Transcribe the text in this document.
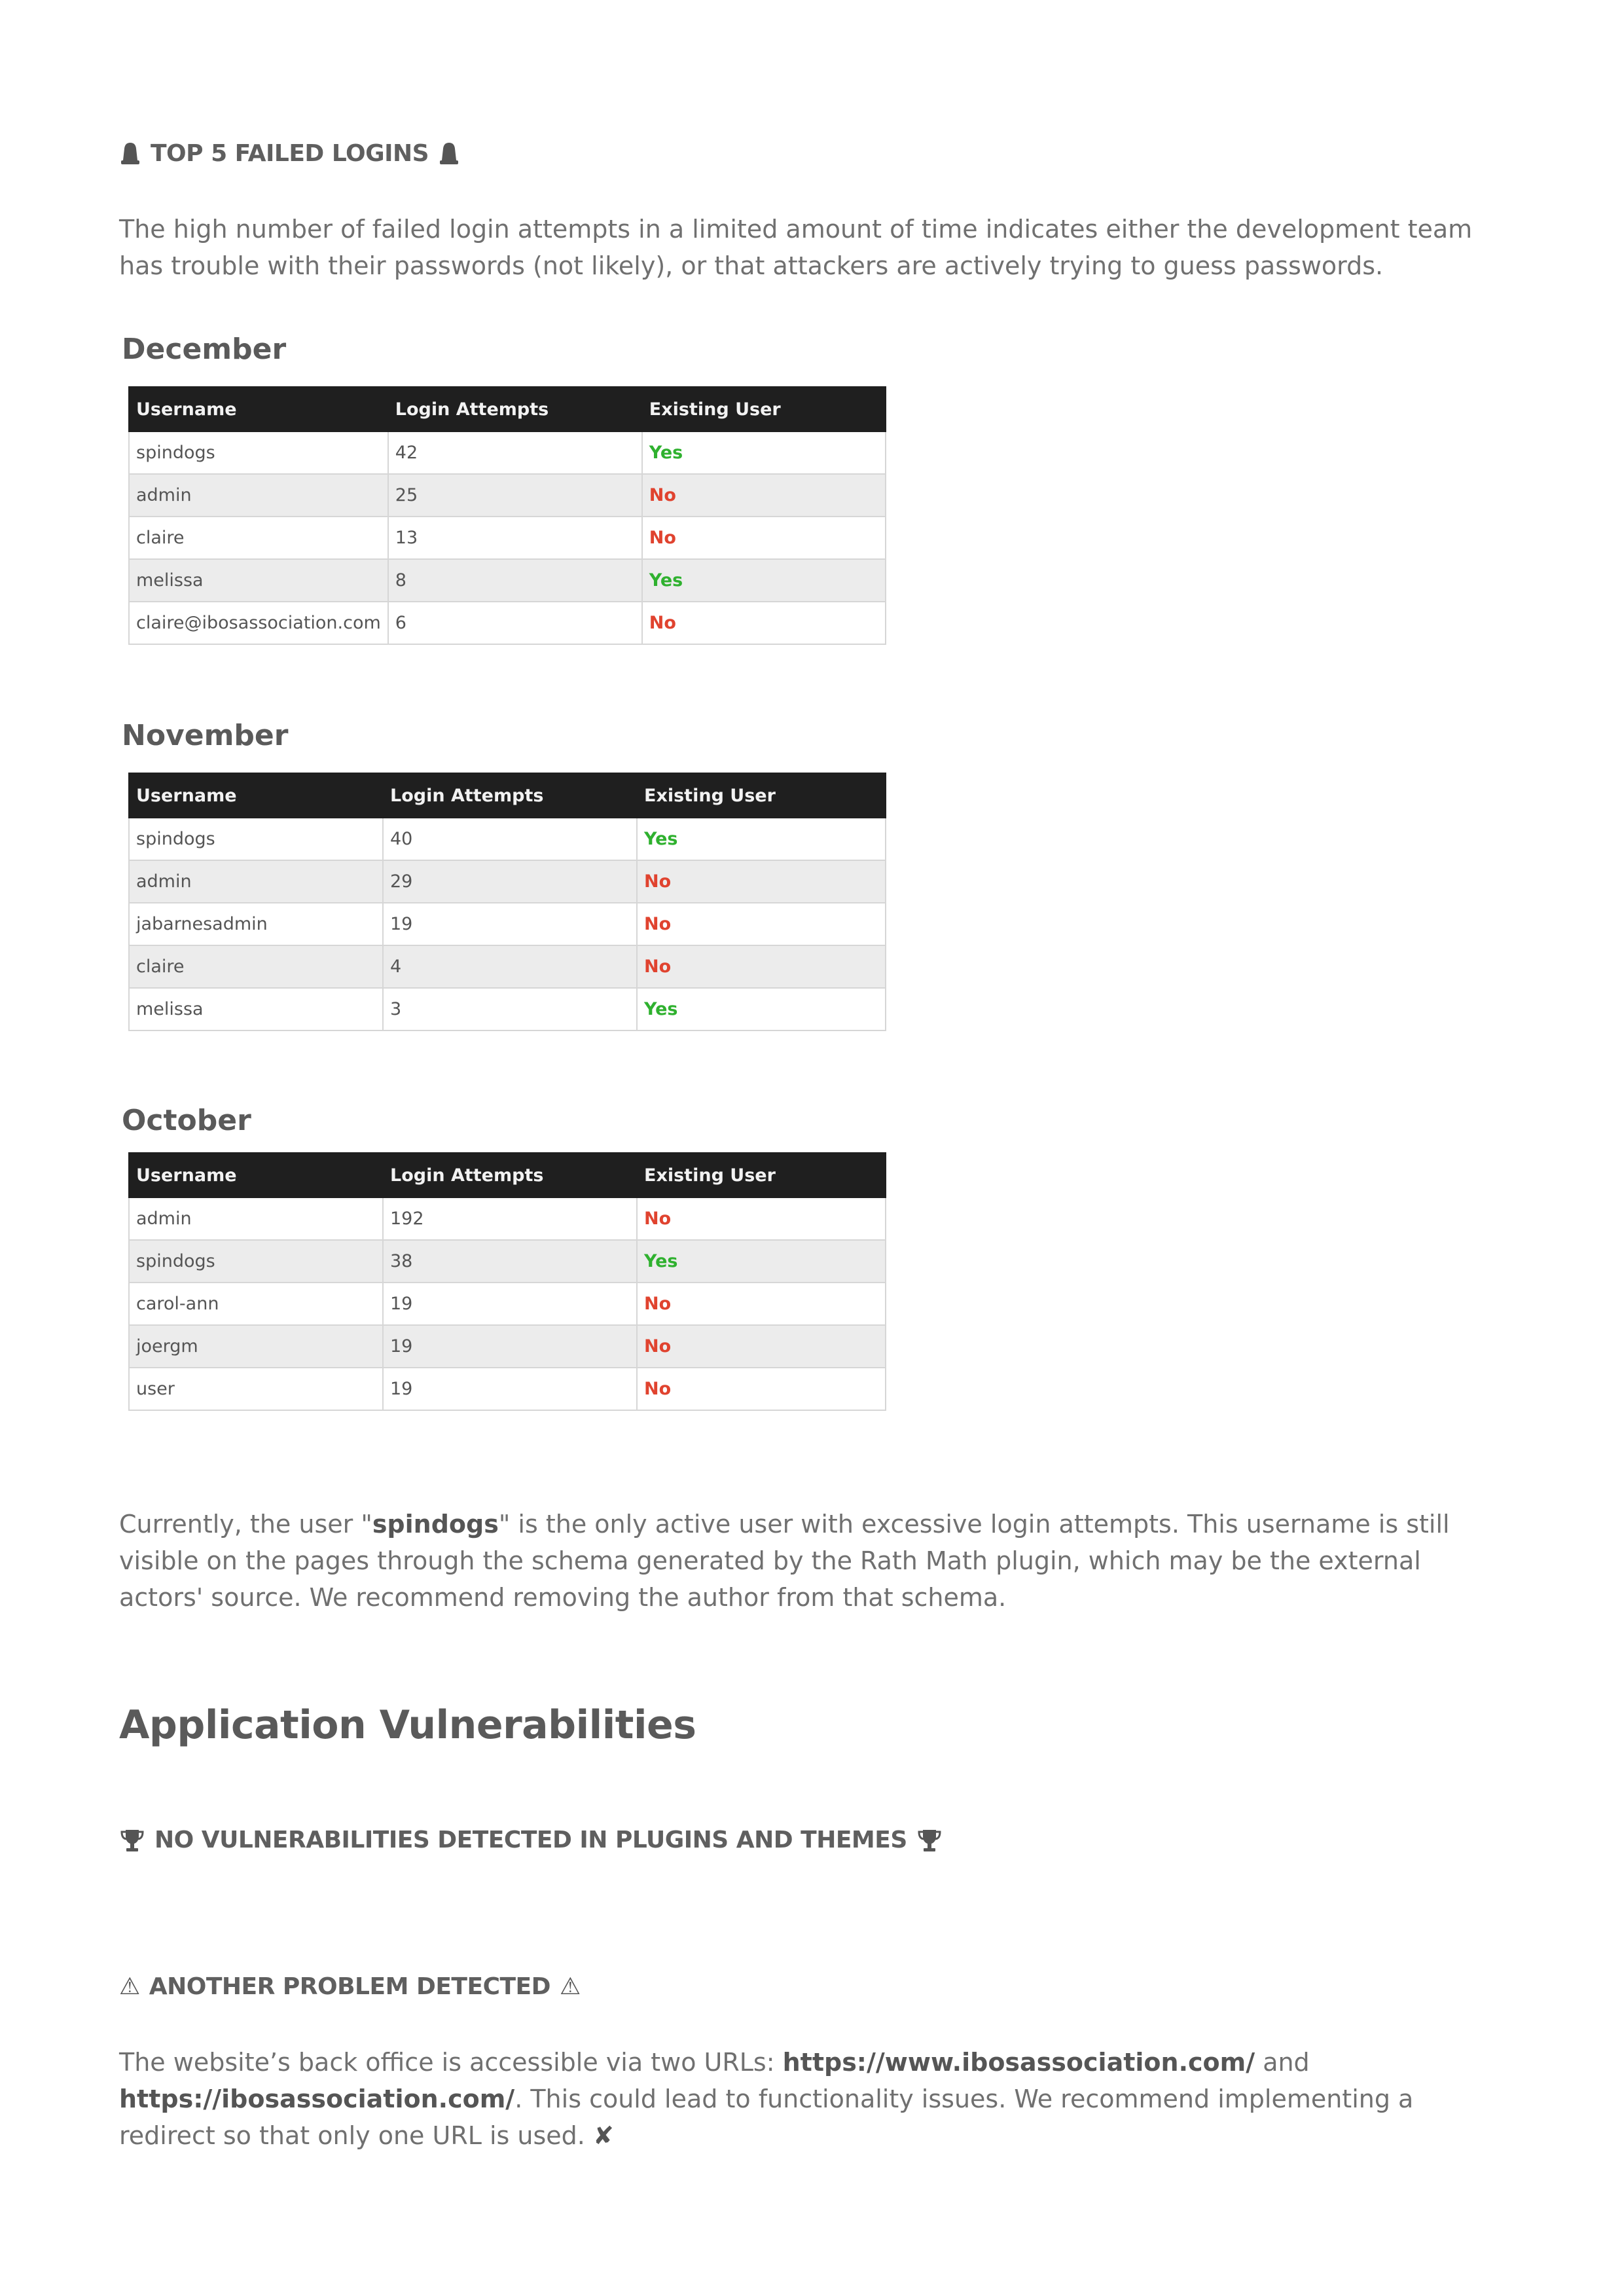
TOP 5 FAILED LOGINS
The high number of failed login attempts in a limited amount of time indicates either the development team has trouble with their passwords (not likely), or that attackers are actively trying to guess passwords.
December
Username	Login Attempts	Existing User
spindogs	42	Yes
admin	25	No
claire	13	No
melissa	8	Yes
claire@ibosassociation.com	6	No
November
Username	Login Attempts	Existing User
spindogs	40	Yes
admin	29	No
jabarnesadmin	19	No
claire	4	No
melissa	3	Yes
October
Username	Login Attempts	Existing User
admin	192	No
spindogs	38	Yes
carol-ann	19	No
joergm	19	No
user	19	No
Currently, the user "spindogs" is the only active user with excessive login attempts. This username is still visible on the pages through the schema generated by the Rath Math plugin, which may be the external actors' source. We recommend removing the author from that schema.
Application Vulnerabilities
NO VULNERABILITIES DETECTED IN PLUGINS AND THEMES
⚠ ANOTHER PROBLEM DETECTED ⚠
The website’s back office is accessible via two URLs: https://www.ibosassociation.com/ and https://ibosassociation.com/. This could lead to functionality issues. We recommend implementing a redirect so that only one URL is used. ✘
